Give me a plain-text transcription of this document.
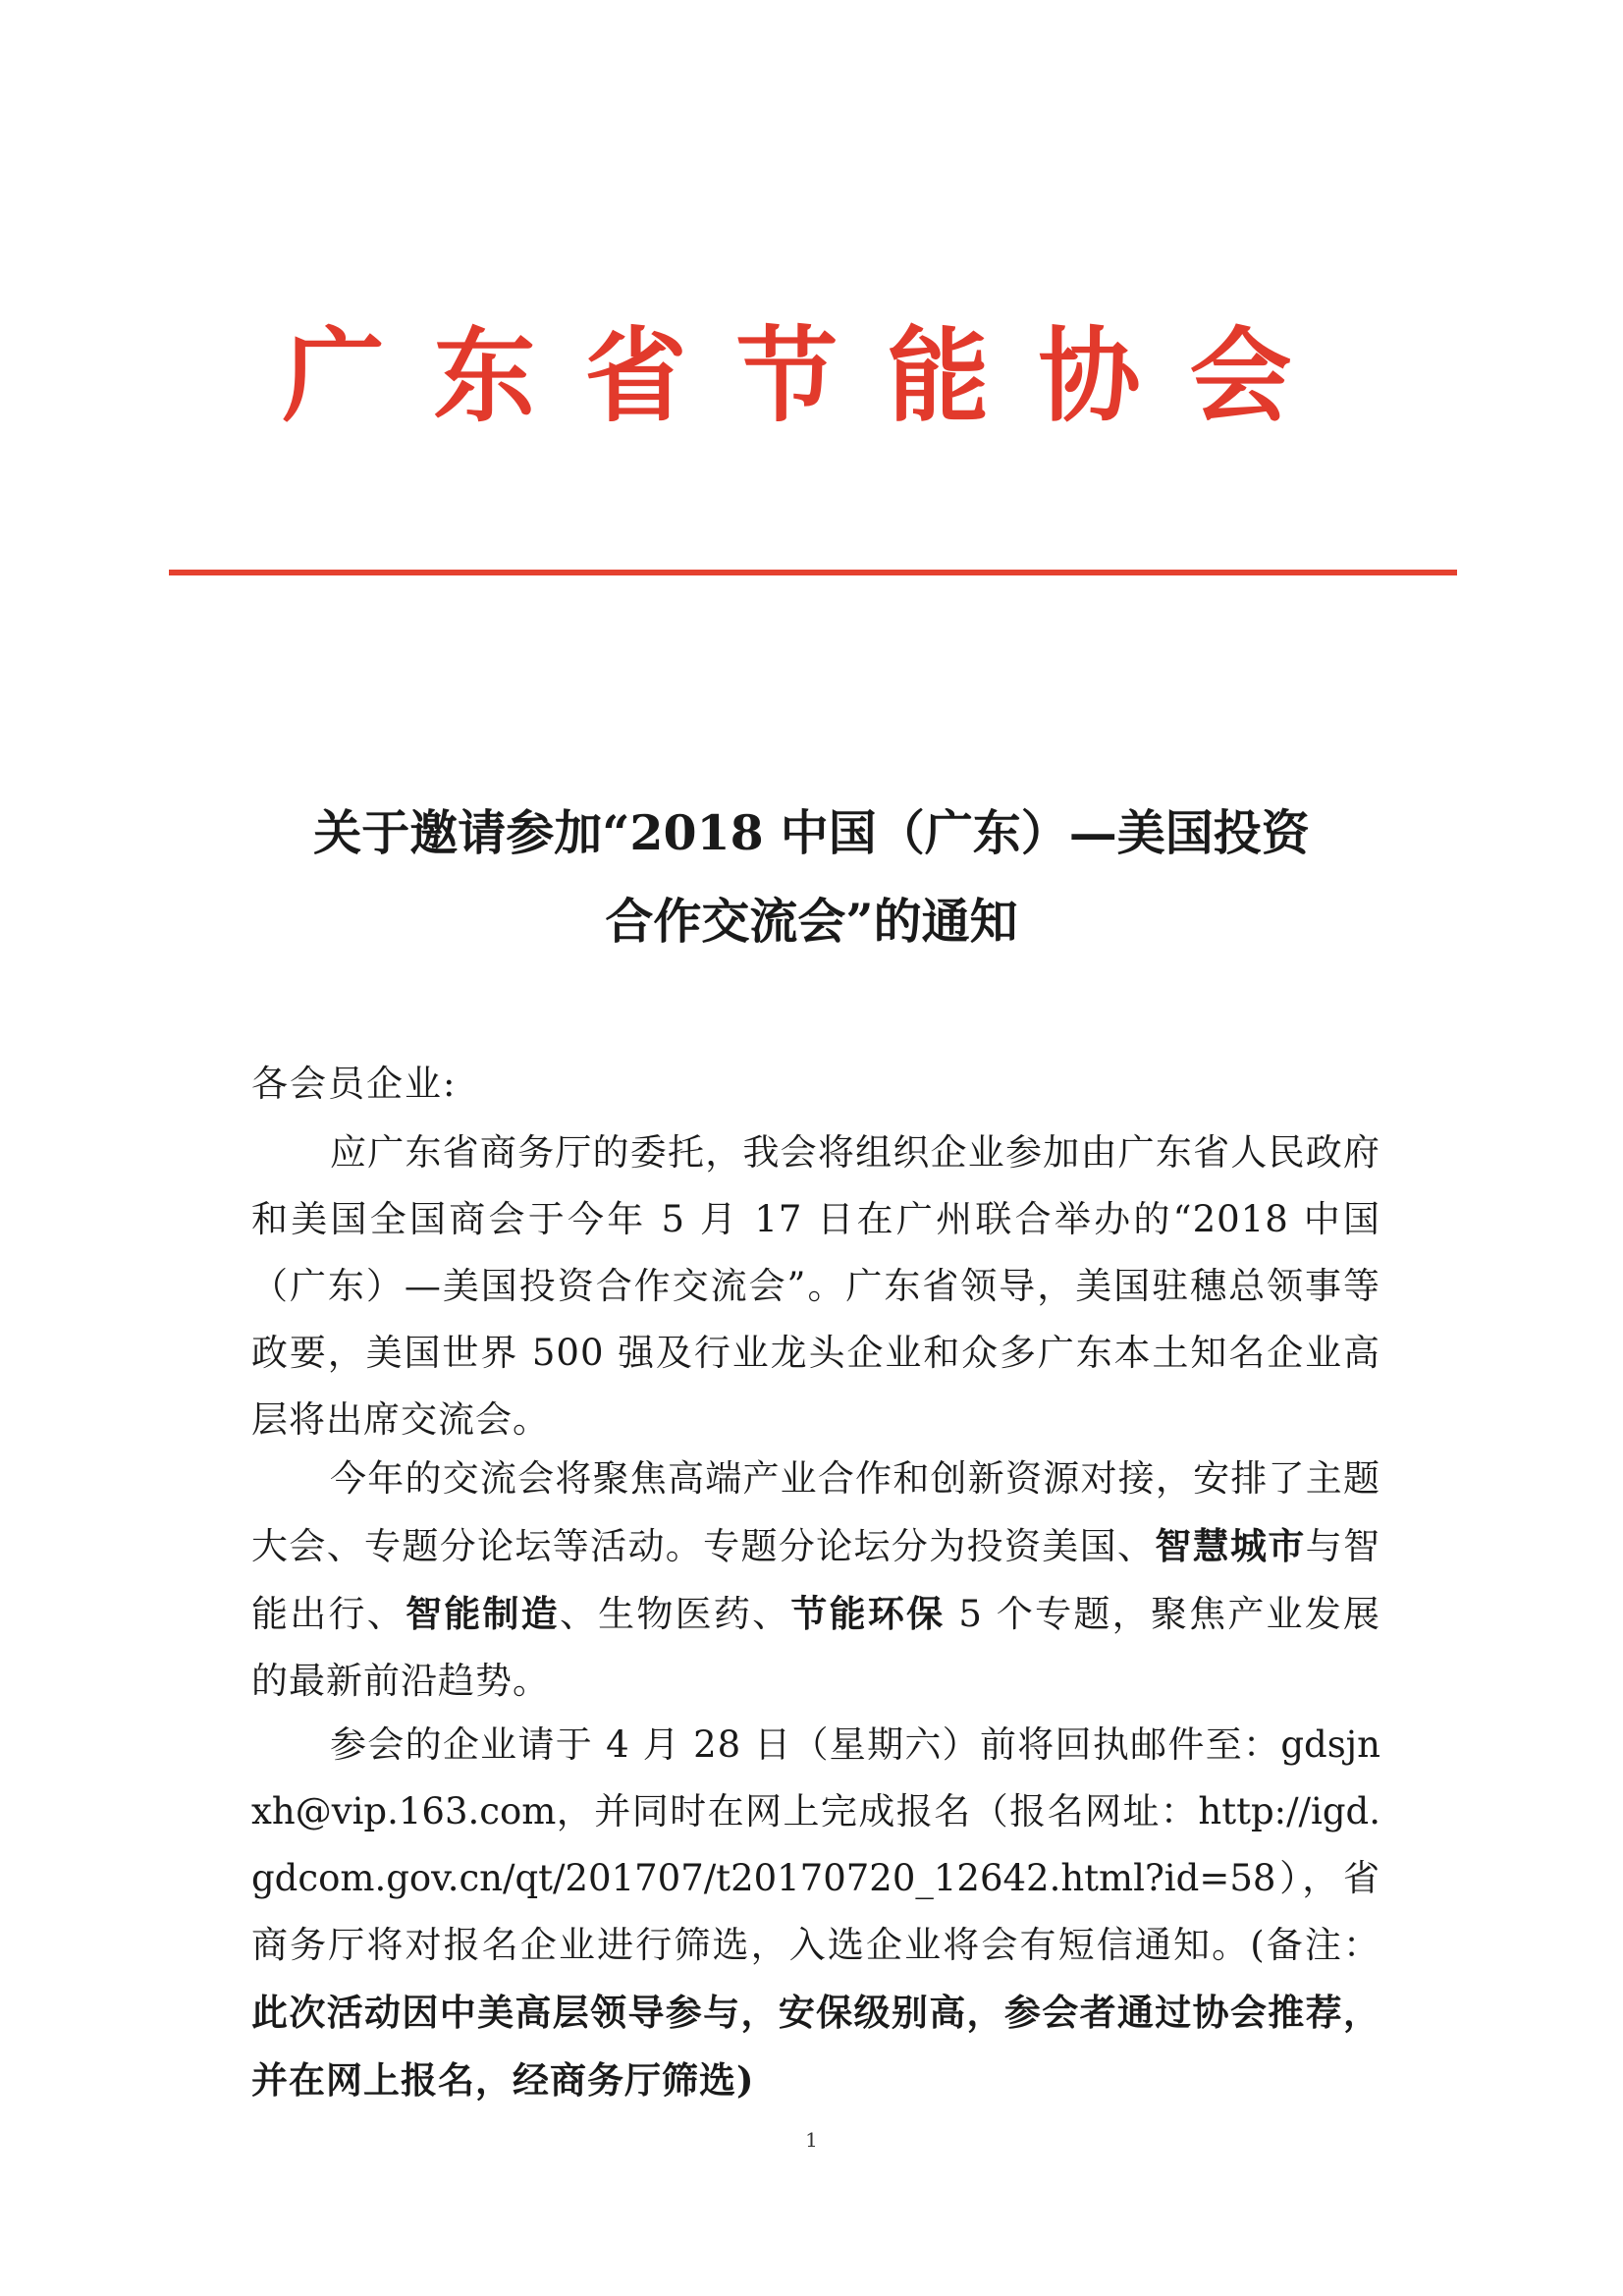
广东省节能协会
关于邀请参加“2018 中国（广东）—美国投资
合作交流会”的通知
各会员企业:

应广东省商务厅的委托，我会将组织企业参加由广东省人民政府和美国全国商会于今年 5 月 17 日在广州联合举办的“2018 中国（广东）—美国投资合作交流会”。广东省领导，美国驻穗总领事等政要，美国世界 500 强及行业龙头企业和众多广东本土知名企业高层将出席交流会。

今年的交流会将聚焦高端产业合作和创新资源对接，安排了主题大会、专题分论坛等活动。专题分论坛分为投资美国、智慧城市与智能出行、智能制造、生物医药、节能环保 5 个专题，聚焦产业发展的最新前沿趋势。

参会的企业请于 4 月 28 日（星期六）前将回执邮件至：gdsjnxh@vip.163.com，并同时在网上完成报名（报名网址：http://igd.gdcom.gov.cn/qt/201707/t20170720_12642.html?id=58），省商务厅将对报名企业进行筛选，入选企业将会有短信通知。(备注：此次活动因中美高层领导参与，安保级别高，参会者通过协会推荐，并在网上报名，经商务厅筛选)

1
